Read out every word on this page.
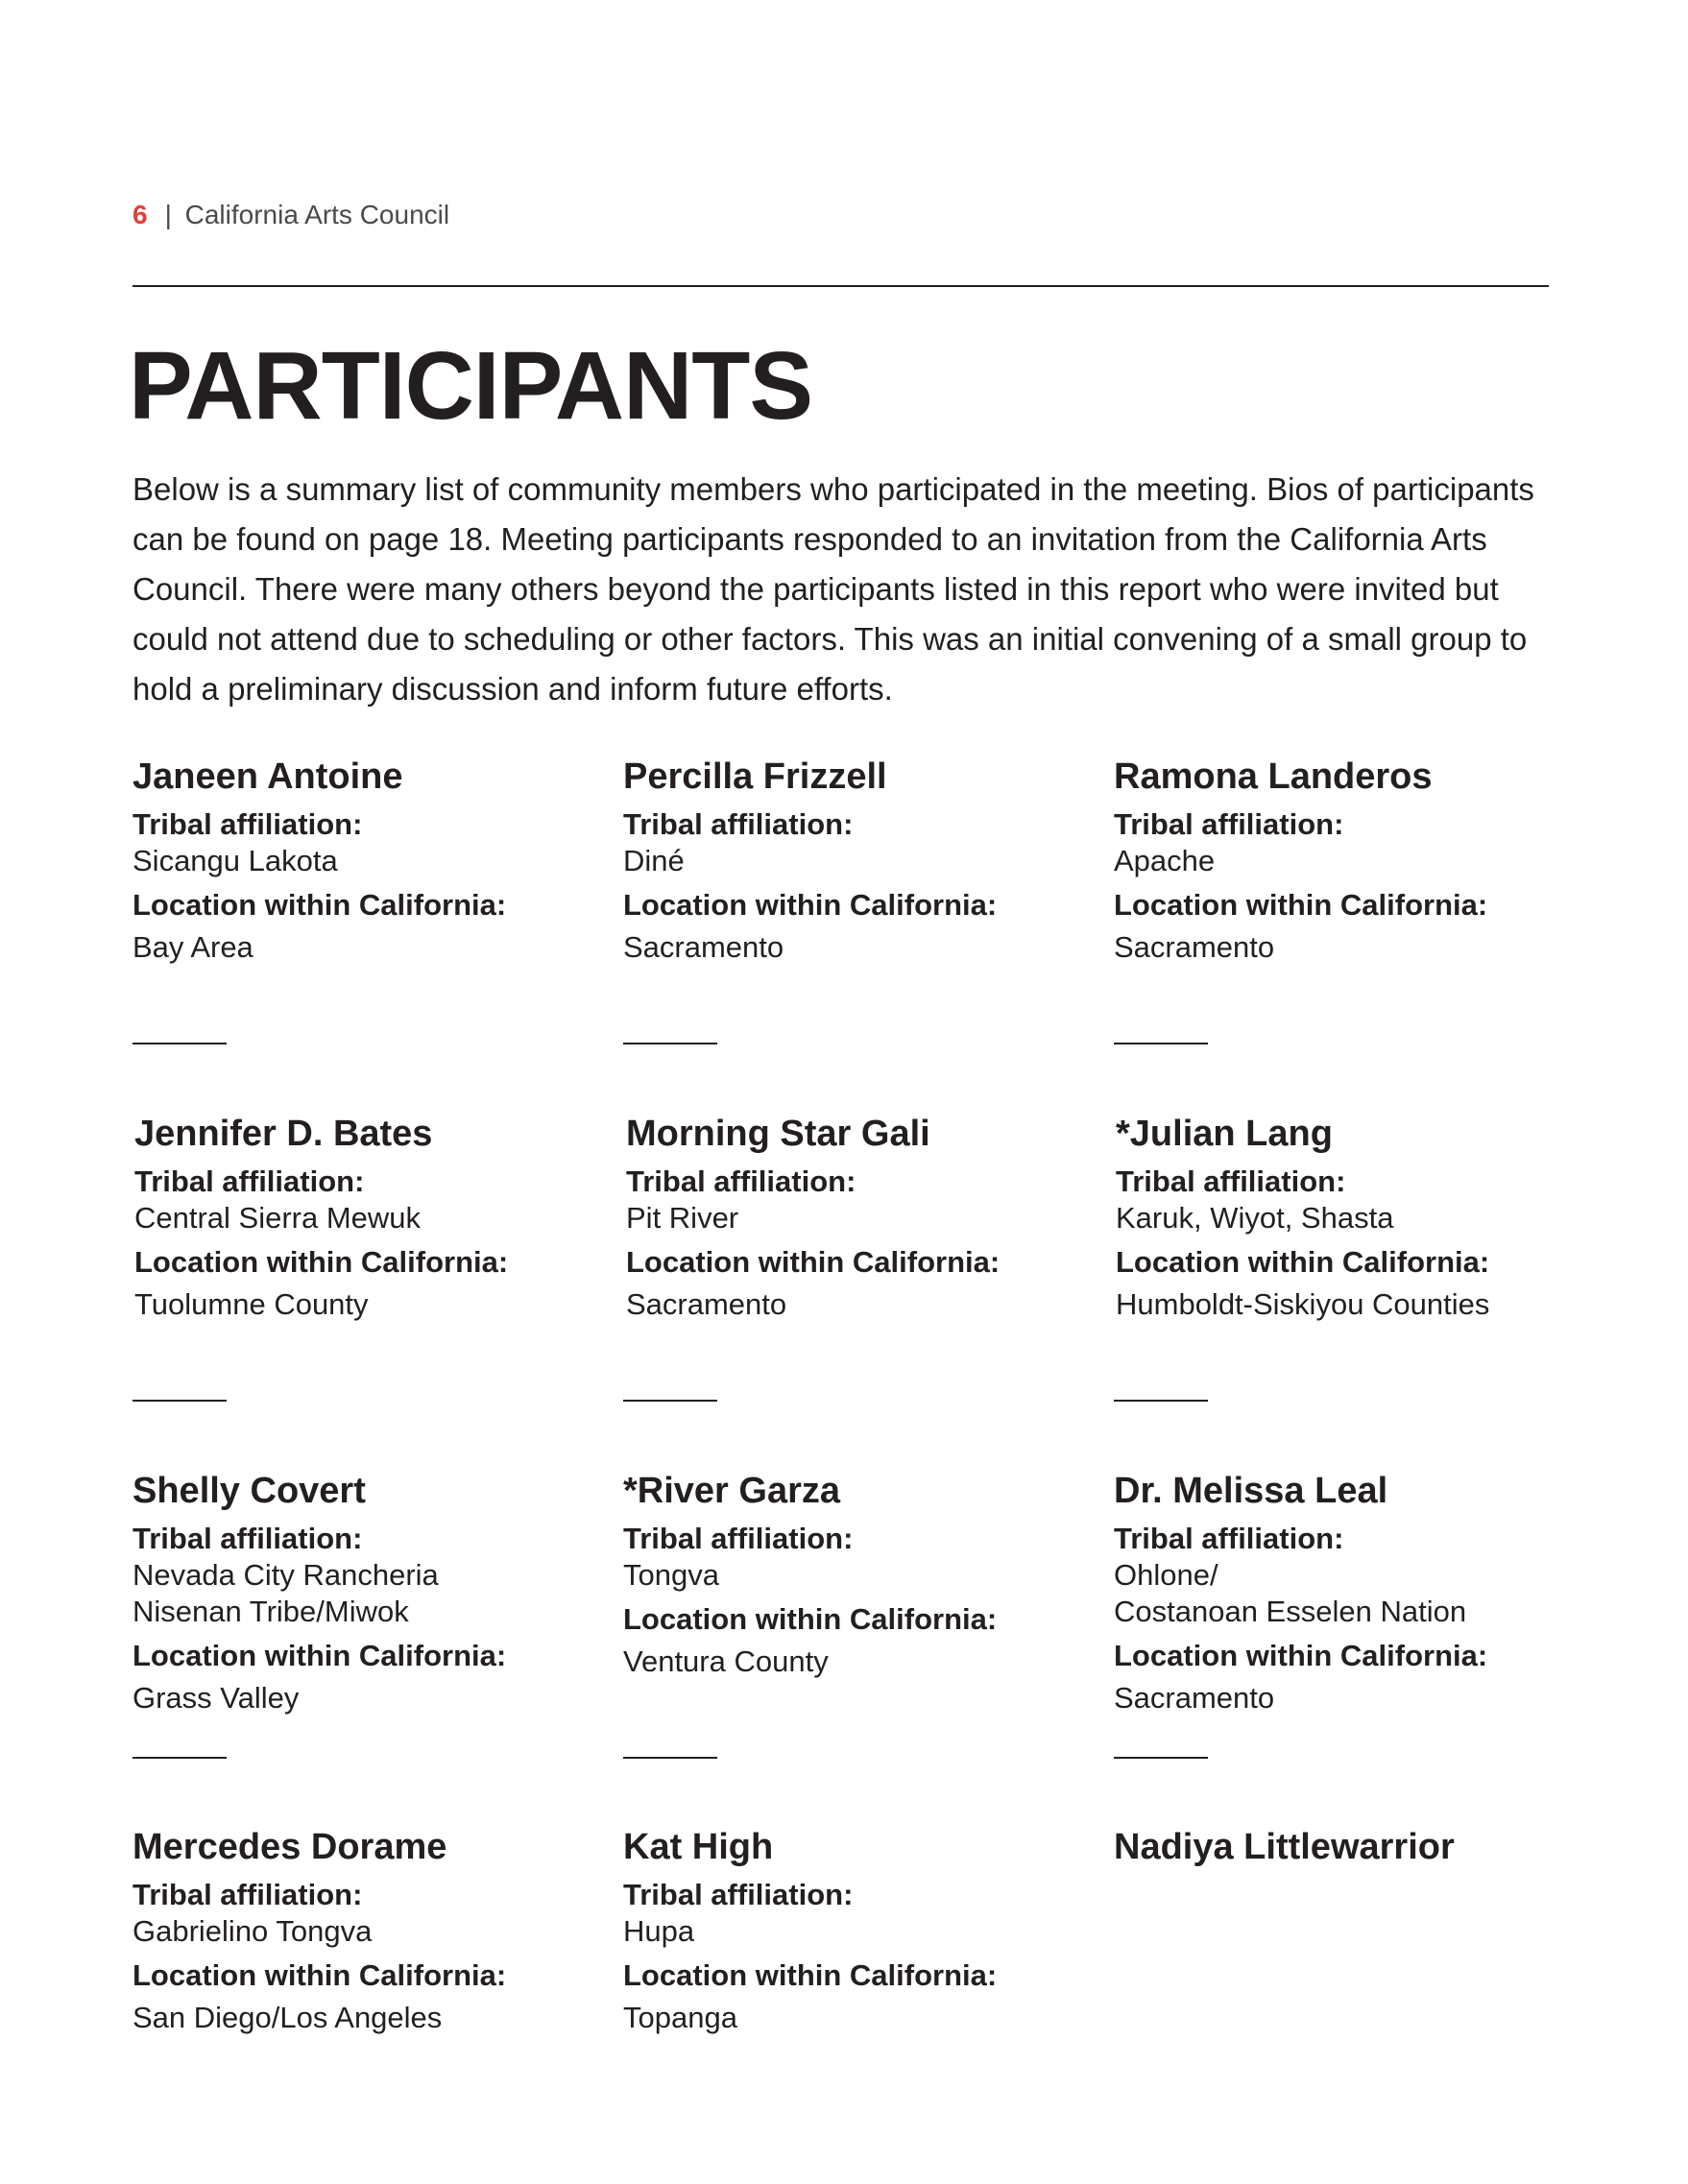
6 | California Arts Council
PARTICIPANTS

Below is a summary list of community members who participated in the meeting. Bios of participants can be found on page 18. Meeting participants responded to an invitation from the California Arts Council. There were many others beyond the participants listed in this report who were invited but could not attend due to scheduling or other factors. This was an initial convening of a small group to hold a preliminary discussion and inform future efforts.

Janeen Antoine
Tribal affiliation:
Sicangu Lakota
Location within California:
Bay Area
Percilla Frizzell
Tribal affiliation:
Diné
Location within California:
Sacramento
Ramona Landeros
Tribal affiliation:
Apache
Location within California:
Sacramento
Jennifer D. Bates
Tribal affiliation:
Central Sierra Mewuk
Location within California:
Tuolumne County
Morning Star Gali
Tribal affiliation:
Pit River
Location within California:
Sacramento
*Julian Lang
Tribal affiliation:
Karuk, Wiyot, Shasta
Location within California:
Humboldt-Siskiyou Counties
Shelly Covert
Tribal affiliation:
Nevada City Rancheria
Nisenan Tribe/Miwok
Location within California:
Grass Valley
*River Garza
Tribal affiliation:
Tongva
Location within California:
Ventura County
Dr. Melissa Leal
Tribal affiliation:
Ohlone/
Costanoan Esselen Nation
Location within California:
Sacramento
Mercedes Dorame
Tribal affiliation:
Gabrielino Tongva
Location within California:
San Diego/Los Angeles
Kat High
Tribal affiliation:
Hupa
Location within California:
Topanga
Nadiya Littlewarrior
